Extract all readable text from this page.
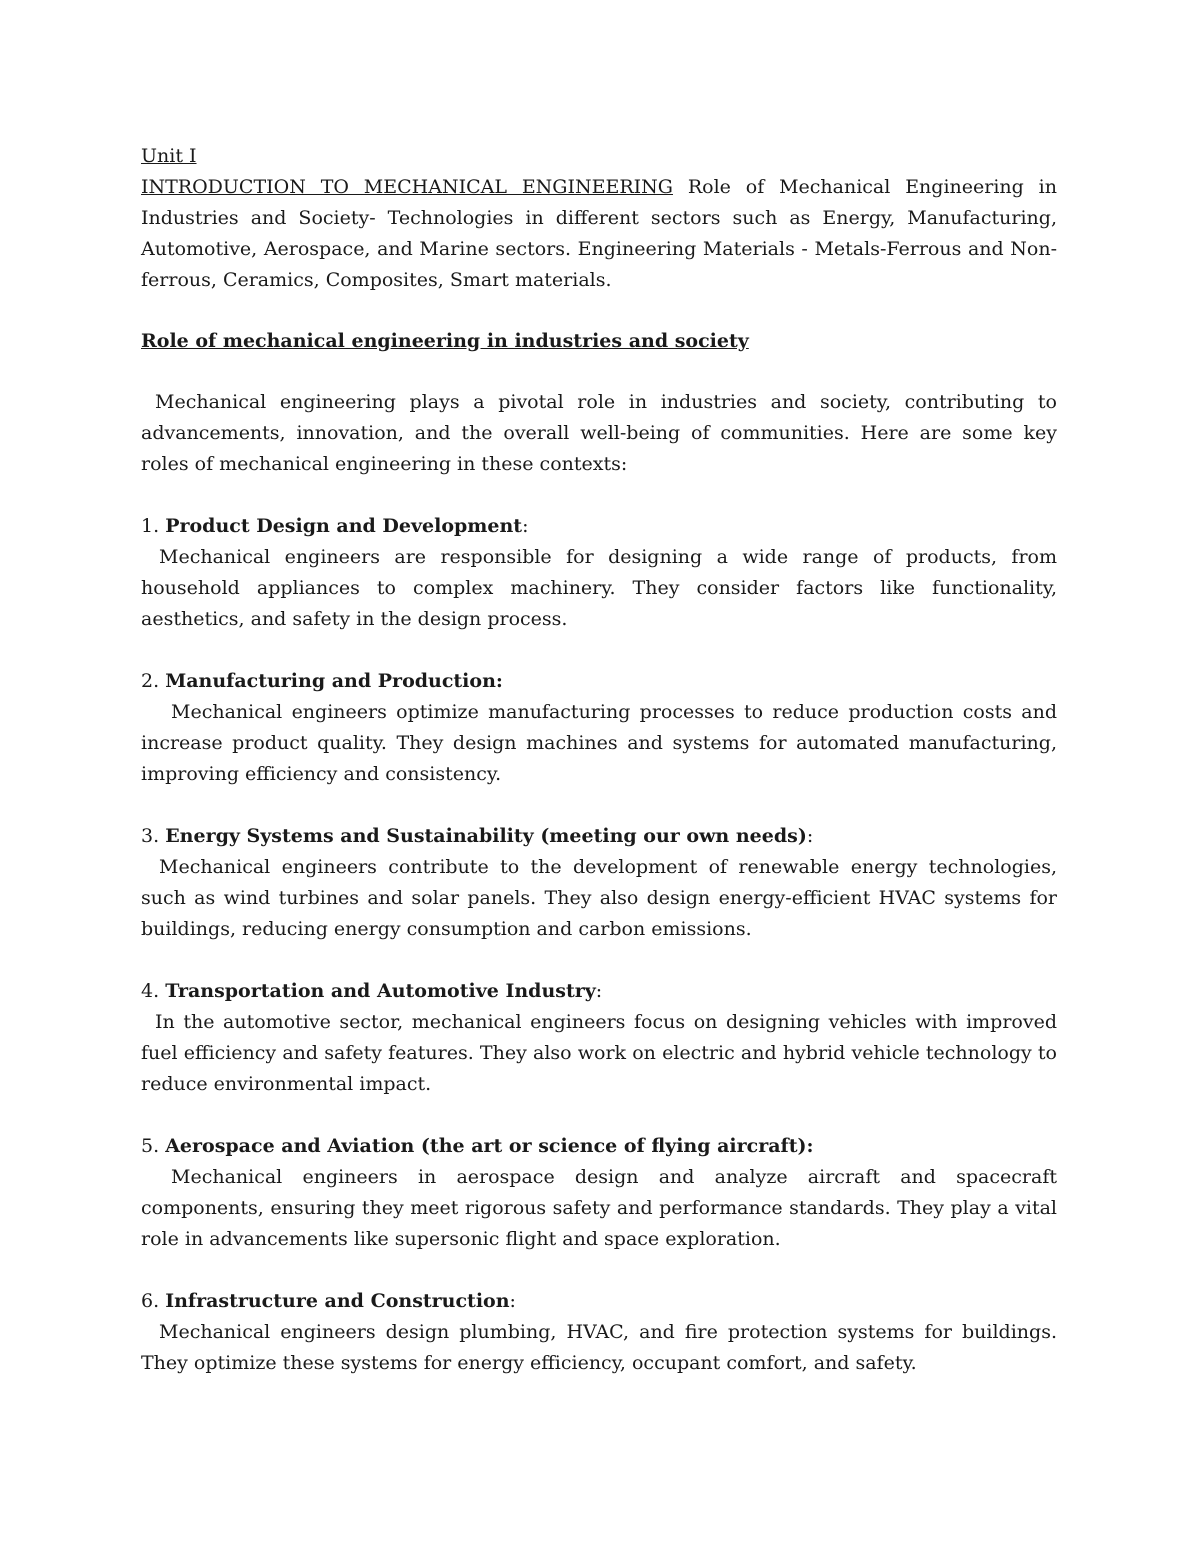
Unit I

INTRODUCTION TO MECHANICAL ENGINEERING Role of Mechanical Engineering in Industries and Society- Technologies in different sectors such as Energy, Manufacturing, Automotive, Aerospace, and Marine sectors. Engineering Materials - Metals-Ferrous and Non-ferrous, Ceramics, Composites, Smart materials.

Role of mechanical engineering in industries and society

Mechanical engineering plays a pivotal role in industries and society, contributing to advancements, innovation, and the overall well-being of communities. Here are some key roles of mechanical engineering in these contexts:

1. Product Design and Development:

Mechanical engineers are responsible for designing a wide range of products, from household appliances to complex machinery. They consider factors like functionality, aesthetics, and safety in the design process.

2. Manufacturing and Production:

Mechanical engineers optimize manufacturing processes to reduce production costs and increase product quality. They design machines and systems for automated manufacturing, improving efficiency and consistency.

3. Energy Systems and Sustainability (meeting our own needs):

Mechanical engineers contribute to the development of renewable energy technologies, such as wind turbines and solar panels. They also design energy-efficient HVAC systems for buildings, reducing energy consumption and carbon emissions.

4. Transportation and Automotive Industry:

In the automotive sector, mechanical engineers focus on designing vehicles with improved fuel efficiency and safety features. They also work on electric and hybrid vehicle technology to reduce environmental impact.

5. Aerospace and Aviation (the art or science of flying aircraft):

Mechanical engineers in aerospace design and analyze aircraft and spacecraft components, ensuring they meet rigorous safety and performance standards. They play a vital role in advancements like supersonic flight and space exploration.

6. Infrastructure and Construction:

Mechanical engineers design plumbing, HVAC, and fire protection systems for buildings. They optimize these systems for energy efficiency, occupant comfort, and safety.
